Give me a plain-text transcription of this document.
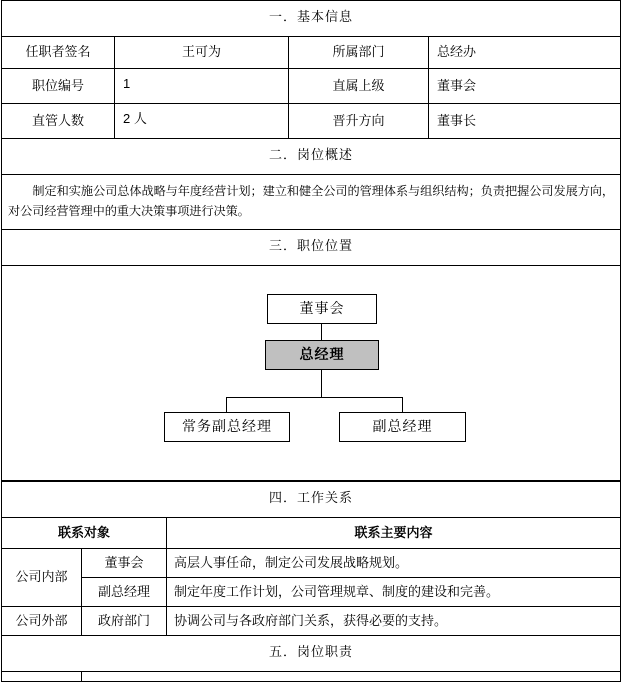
一．基本信息			
任职者签名	王可为	所属部门	总经办
职位编号	1	直属上级	董事会
直管人数	2 人	晋升方向	董事长
二．岗位概述			

制定和实施公司总体战略与年度经营计划；建立和健全公司的管理体系与组织结构；负责把握公司发展方向，对公司经营管理中的重大决策事项进行决策。			

三．职位位置			

董事会
总经理
常务副总经理 副总经理			
四．工作关系		
联系对象		联系主要内容
公司内部	董事会	高层人事任命，制定公司发展战略规划。
	副总经理	制定年度工作计划，公司管理规章、制度的建设和完善。
公司外部	政府部门	协调公司与各政府部门关系，获得必要的支持。
五．岗位职责		
